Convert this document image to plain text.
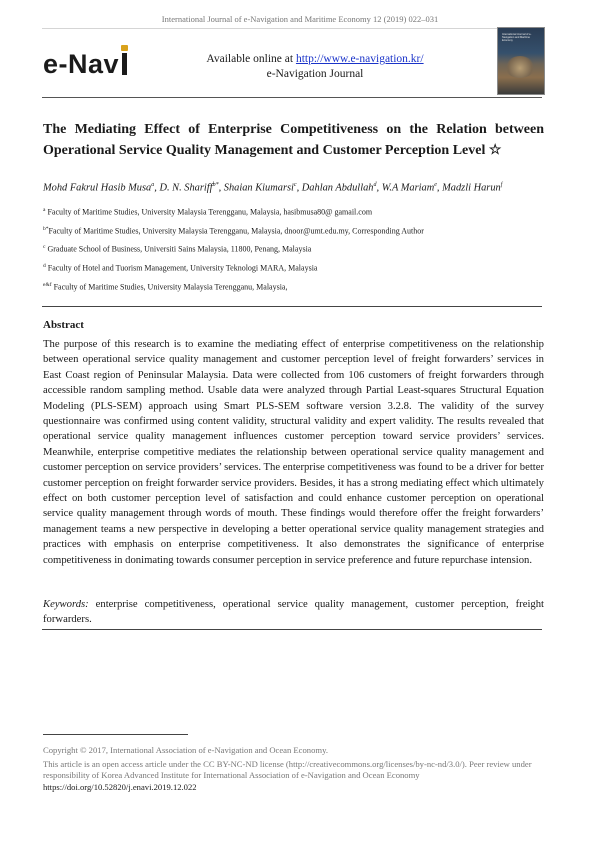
International Journal of e-Navigation and Maritime Economy 12 (2019) 022–031
e-Nav	Available online at http://www.e-navigation.kr/
e-Navigation Journal
International Journal of e-Navigation and Maritime Economy
The Mediating Effect of Enterprise Competitiveness on the Relation between Operational Service Quality Management and Customer Perception Level ☆
Mohd Fakrul Hasib Musa$^a$, D. N. Shariff$^{b*}$, Shaian Kiumarsi$^c$, Dahlan Abdullah$^d$, W.A Mariam$^e$, Madzli Harun$^f$
$^a$ Faculty of Maritime Studies, University Malaysia Terengganu, Malaysia, hasibmusa80@ gamail.com
$^{b*}$Faculty of Maritime Studies, University Malaysia Terengganu, Malaysia, dnoor@umt.edu.my, Corresponding Author
$^c$ Graduate School of Business, Universiti Sains Malaysia, 11800, Penang, Malaysia
$^d$ Faculty of Hotel and Tuorism Management, University Teknologi MARA, Malaysia
$^{e\&f}$ Faculty of Maritime Studies, University Malaysia Terengganu, Malaysia,
Abstract
The purpose of this research is to examine the mediating effect of enterprise competitiveness on the relationship between operational service quality management and customer perception level of freight forwarders’ services in East Coast region of Peninsular Malaysia. Data were collected from 106 customers of freight forwarders through accessible random sampling method. Usable data were analyzed through Partial Least-squares Structural Equation Modeling (PLS-SEM) approach using Smart PLS-SEM software version 3.2.8. The validity of the survey questionnaire was confirmed using content validity, structural validity and expert validity. The results revealed that operational service quality management influences customer perception toward service providers’ services. Meanwhile, enterprise competitive mediates the relationship between operational service quality management and customer perception on service providers’ services. The enterprise competitiveness was found to be a driver for better customer perception on freight forwarder service providers. Besides, it has a strong mediating effect which ultimately effect on both customer perception level of satisfaction and could enhance customer perception on operational service quality management through words of mouth. These findings would therefore offer the freight forwarders’ management teams a new perspective in developing a better operational service quality management strategies and practices with emphasis on enterprise competitiveness. It also demonstrates the significance of enterprise competitiveness in donimating towards consumer perception in service preference and future repurchase intension.
Keywords: enterprise competitiveness, operational service quality management, customer perception, freight forwarders.
Copyright © 2017, International Association of e-Navigation and Ocean Economy.
This article is an open access article under the CC BY-NC-ND license (http://creativecommons.org/licenses/by-nc-nd/3.0/). Peer review under responsibility of Korea Advanced Institute for International Association of e-Navigation and Ocean Economy
https://doi.org/10.52820/j.enavi.2019.12.022
